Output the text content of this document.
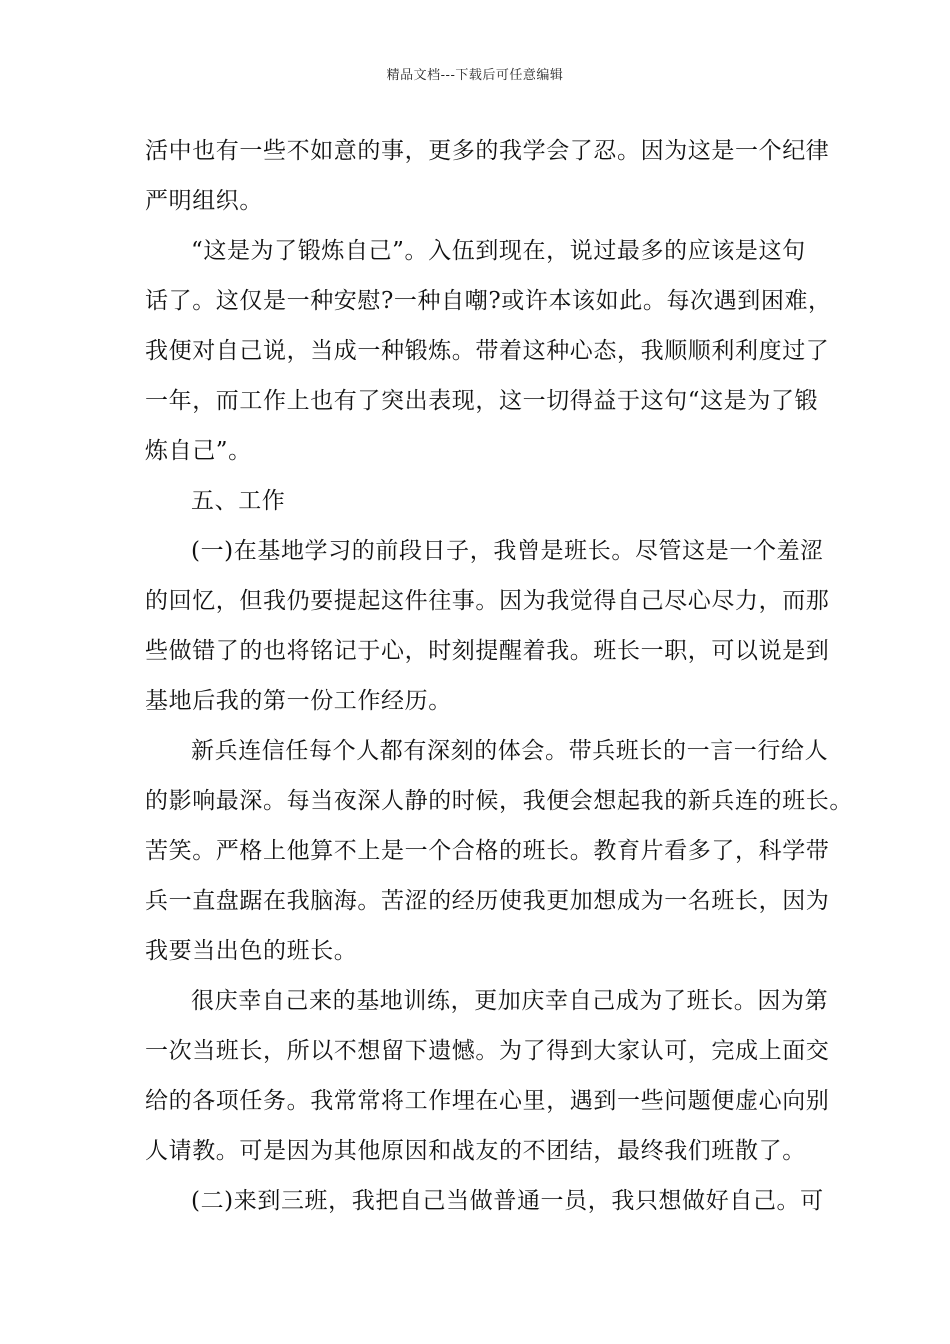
精品文档---下载后可任意编辑
活中也有一些不如意的事，更多的我学会了忍。因为这是一个纪律
严明组织。
“这是为了锻炼自己”。入伍到现在，说过最多的应该是这句
话了。这仅是一种安慰?一种自嘲?或许本该如此。每次遇到困难，
我便对自己说，当成一种锻炼。带着这种心态，我顺顺利利度过了
一年，而工作上也有了突出表现，这一切得益于这句“这是为了锻
炼自己”。
五、工作
(一)在基地学习的前段日子，我曾是班长。尽管这是一个羞涩
的回忆，但我仍要提起这件往事。因为我觉得自己尽心尽力，而那
些做错了的也将铭记于心，时刻提醒着我。班长一职，可以说是到
基地后我的第一份工作经历。
新兵连信任每个人都有深刻的体会。带兵班长的一言一行给人
的影响最深。每当夜深人静的时候，我便会想起我的新兵连的班长。
苦笑。严格上他算不上是一个合格的班长。教育片看多了，科学带
兵一直盘踞在我脑海。苦涩的经历使我更加想成为一名班长，因为
我要当出色的班长。
很庆幸自己来的基地训练，更加庆幸自己成为了班长。因为第
一次当班长，所以不想留下遗憾。为了得到大家认可，完成上面交
给的各项任务。我常常将工作埋在心里，遇到一些问题便虚心向别
人请教。可是因为其他原因和战友的不团结，最终我们班散了。
(二)来到三班，我把自己当做普通一员，我只想做好自己。可
